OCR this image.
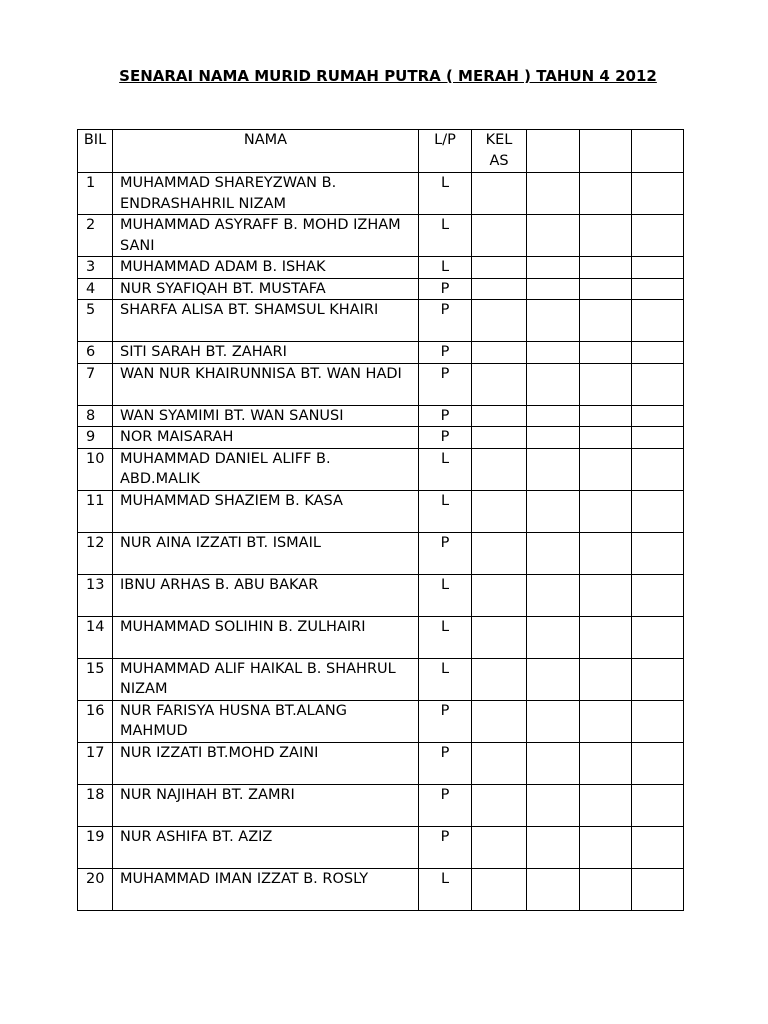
SENARAI NAMA MURID RUMAH PUTRA ( MERAH ) TAHUN 4 2012
BIL	NAMA	L/P	KEL AS			
1	MUHAMMAD SHAREYZWAN B. ENDRASHAHRIL NIZAM	L				
2	MUHAMMAD ASYRAFF B. MOHD IZHAM SANI	L				
3	MUHAMMAD ADAM B. ISHAK	L				
4	NUR SYAFIQAH BT. MUSTAFA	P				
5	SHARFA ALISA BT. SHAMSUL KHAIRI	P				
6	SITI SARAH BT. ZAHARI	P				
7	WAN NUR KHAIRUNNISA BT. WAN HADI	P				
8	WAN SYAMIMI BT. WAN SANUSI	P				
9	NOR MAISARAH	P				
10	MUHAMMAD DANIEL ALIFF B. ABD.MALIK	L				
11	MUHAMMAD SHAZIEM B. KASA	L				
12	NUR AINA IZZATI BT. ISMAIL	P				
13	IBNU ARHAS B. ABU BAKAR	L				
14	MUHAMMAD SOLIHIN B. ZULHAIRI	L				
15	MUHAMMAD ALIF HAIKAL B. SHAHRUL NIZAM	L				
16	NUR FARISYA HUSNA BT.ALANG MAHMUD	P				
17	NUR IZZATI BT.MOHD ZAINI	P				
18	NUR NAJIHAH BT. ZAMRI	P				
19	NUR ASHIFA BT. AZIZ	P				
20	MUHAMMAD IMAN IZZAT B. ROSLY	L				
